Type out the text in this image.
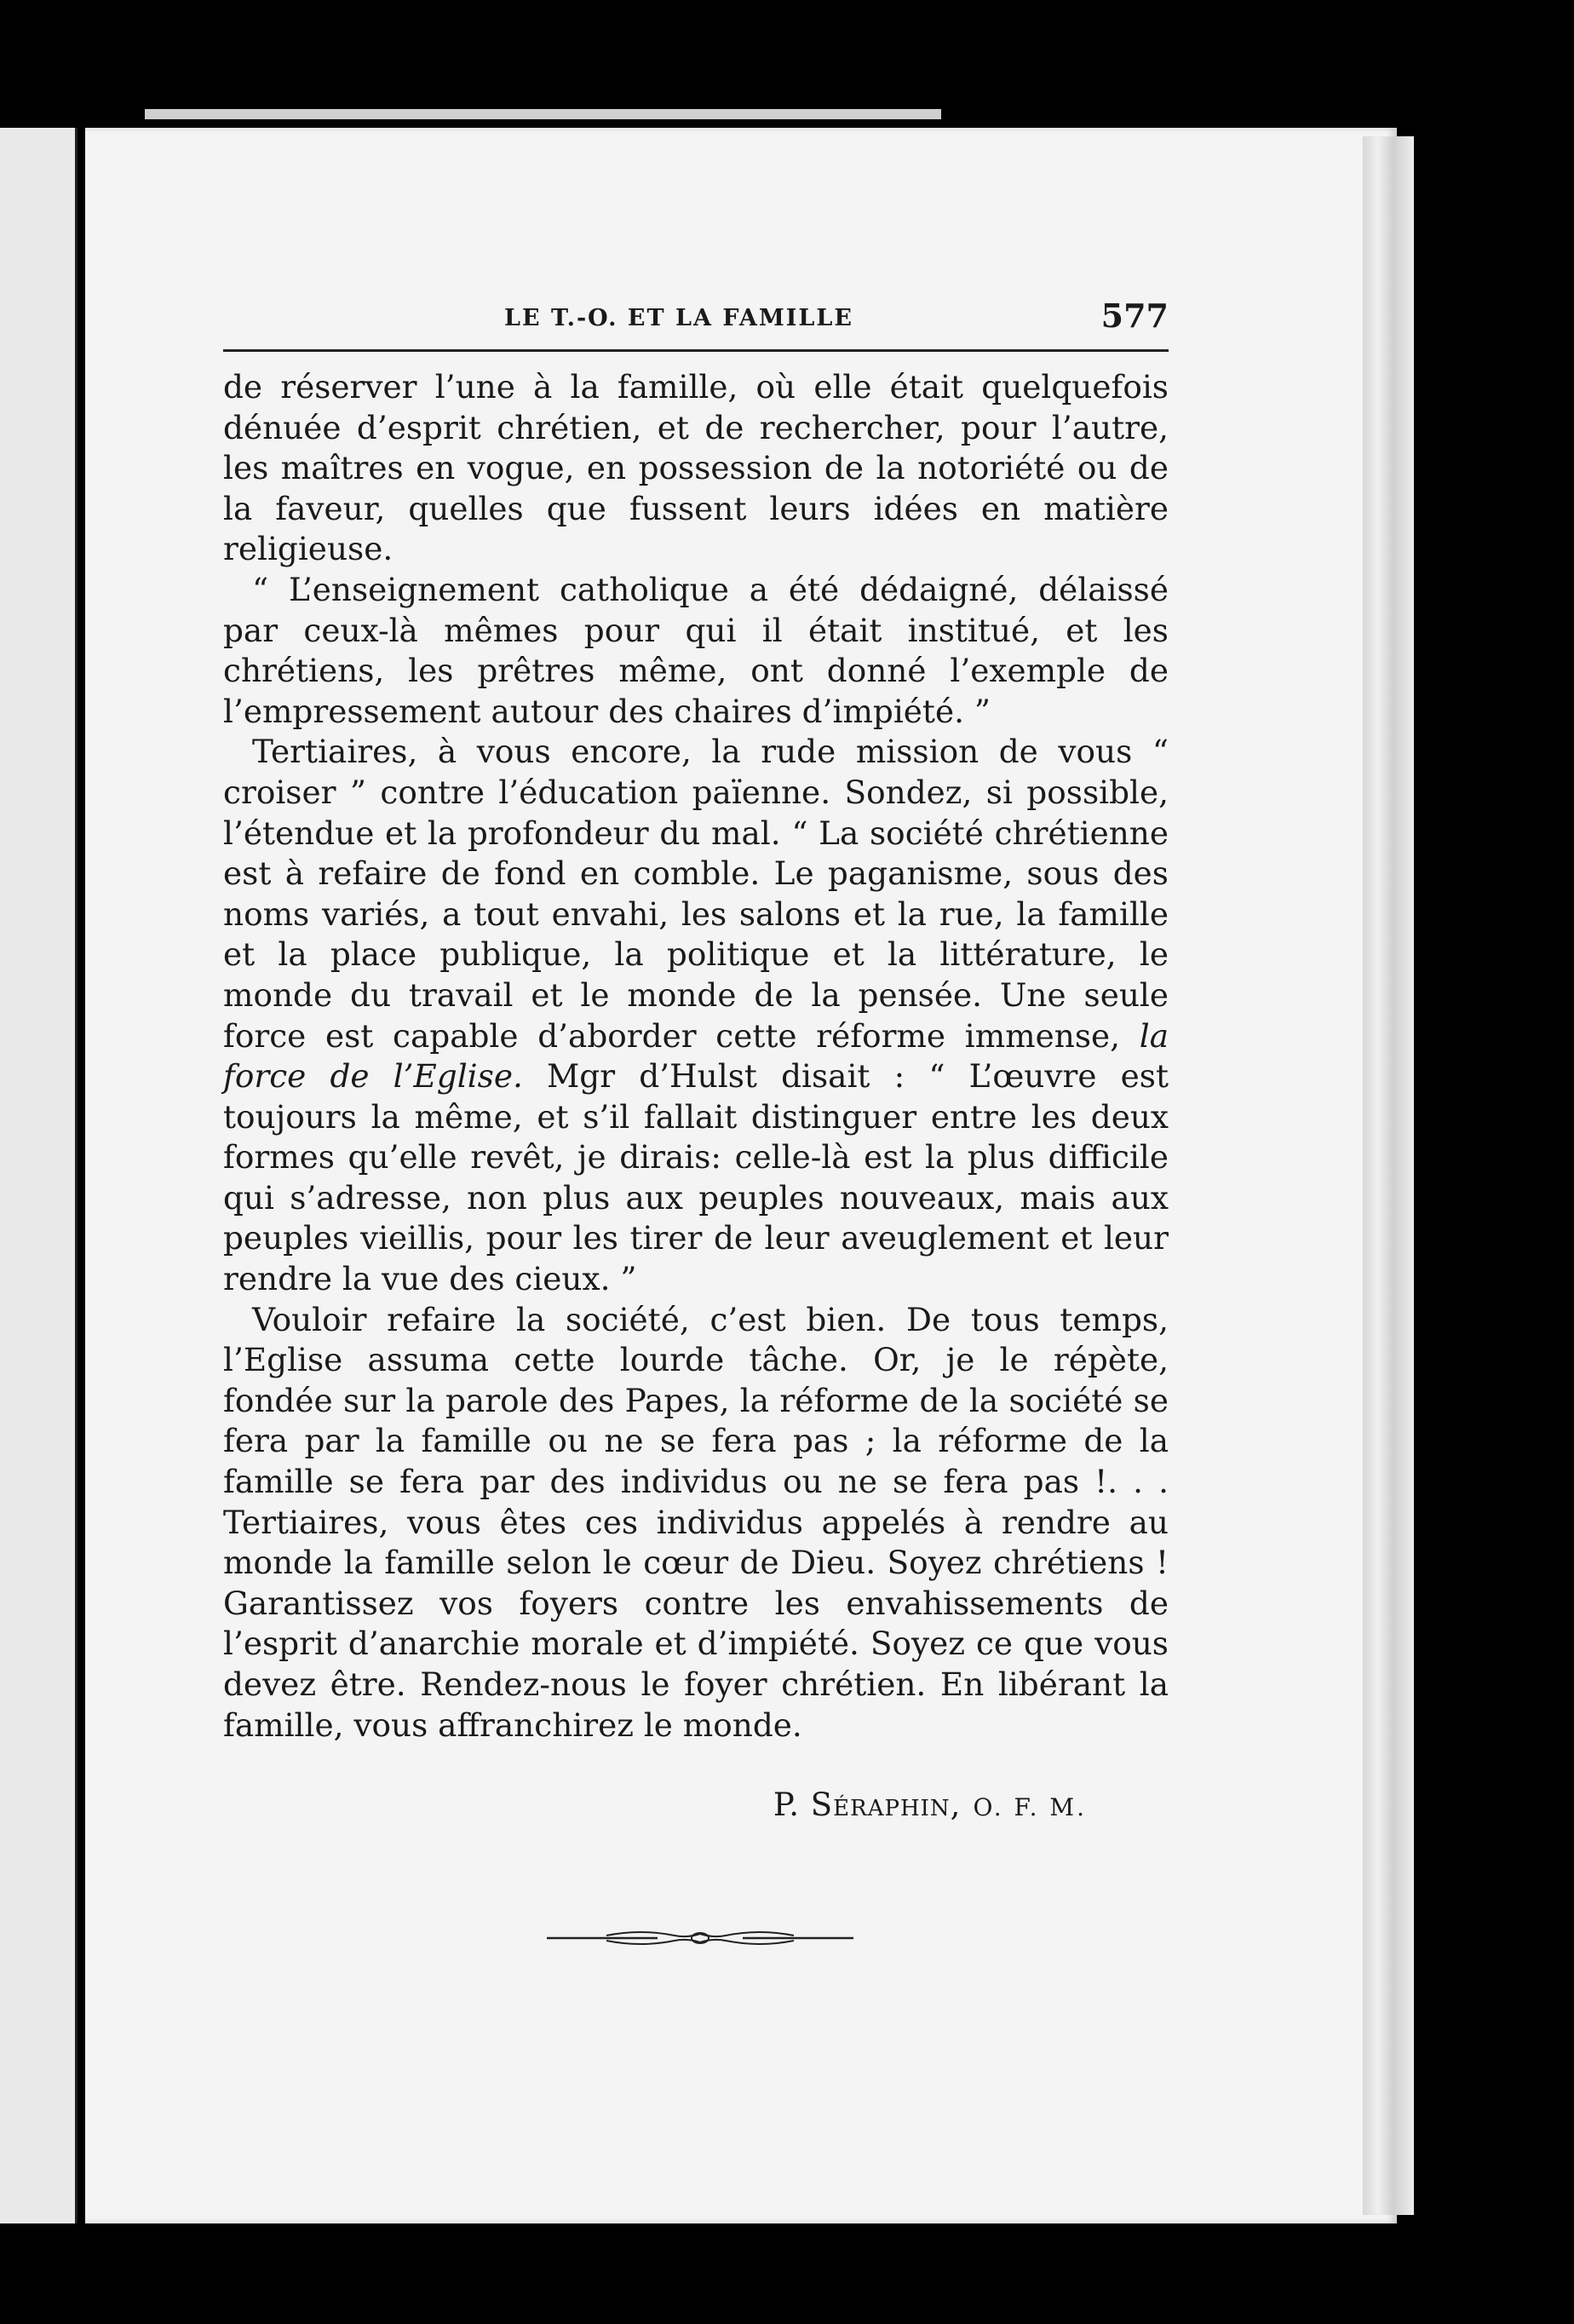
LE T.-O. ET LA FAMILLE	577

de réserver l’une à la famille, où elle était quelquefois dénuée d’esprit chrétien, et de rechercher, pour l’autre, les maîtres en vogue, en possession de la notoriété ou de la faveur, quelles que fussent leurs idées en matière religieuse.

“ L’enseignement catholique a été dédaigné, délaissé par ceux-là mêmes pour qui il était institué, et les chrétiens, les prêtres même, ont donné l’exemple de l’empressement autour des chaires d’impiété. ”

Tertiaires, à vous encore, la rude mission de vous “ croiser ” contre l’éducation païenne. Sondez, si possible, l’étendue et la profondeur du mal. “ La société chrétienne est à refaire de fond en comble. Le paganisme, sous des noms variés, a tout envahi, les salons et la rue, la famille et la place publique, la politique et la littérature, le monde du travail et le monde de la pensée. Une seule force est capable d’aborder cette réforme immense, la force de l’Eglise. Mgr d’Hulst disait : “ L’œuvre est toujours la même, et s’il fallait distinguer entre les deux formes qu’elle revêt, je dirais: celle-là est la plus difficile qui s’adresse, non plus aux peuples nouveaux, mais aux peuples vieillis, pour les tirer de leur aveuglement et leur rendre la vue des cieux. ”

Vouloir refaire la société, c’est bien. De tous temps, l’Eglise assuma cette lourde tâche. Or, je le répète, fondée sur la parole des Papes, la réforme de la société se fera par la famille ou ne se fera pas ; la réforme de la famille se fera par des individus ou ne se fera pas !. . . Tertiaires, vous êtes ces individus appelés à rendre au monde la famille selon le cœur de Dieu. Soyez chrétiens ! Garantissez vos foyers contre les envahissements de l’esprit d’anarchie morale et d’impiété. Soyez ce que vous devez être. Rendez-nous le foyer chrétien. En libérant la famille, vous affranchirez le monde.

P. Séraphin, O. F. M.
